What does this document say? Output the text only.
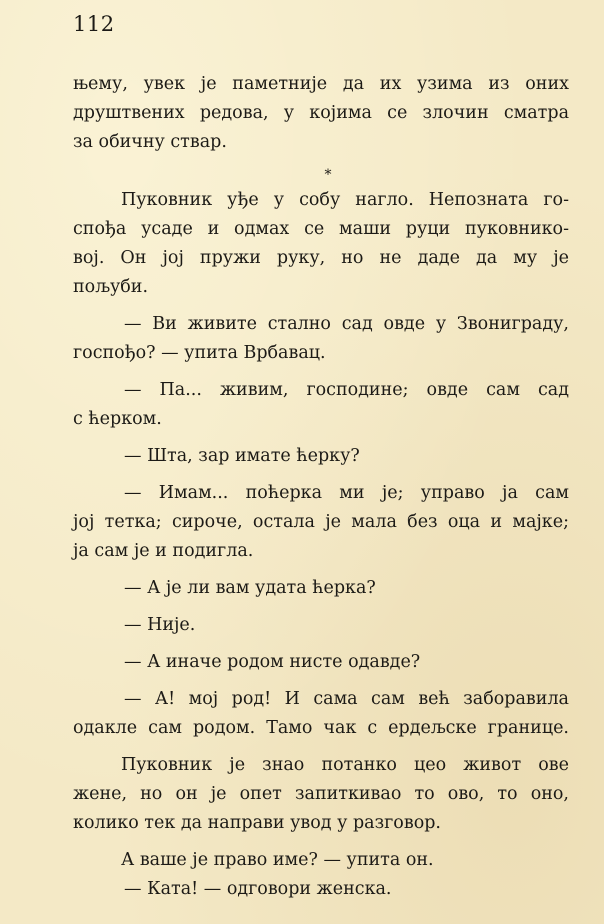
112
њему, увек је паметније да их узима из оних
друштвених редова, у којима се злочин сматра
за обичну ствар.
*
Пуковник уђе у собу нагло. Непозната го-
спођа усаде и одмах се маши руци пуковнико-
вој. Он јој пружи руку, но не даде да му је
пољуби.
— Ви живите стално сад овде у Звониграду,
госпођо? — упита Врбавац.
— Па... живим, господине; овде сам сад
с ћерком.
— Шта, зар имате ћерку?
— Имам... поћерка ми је; управо ја сам
јој тетка; сироче, остала је мала без оца и мајке;
ја сам је и подигла.
— А је ли вам удата ћерка?
— Није.
— А иначе родом нисте одавде?
— А! мој род! И сама сам већ заборавила
одакле сам родом. Тамо чак с ердељске границе.
Пуковник је знао потанко цео живот ове
жене, но он је опет запиткивао то ово, то оно,
колико тек да направи увод у разговор.
А ваше је право име? — упита он.
— Ката! — одговори женска.
